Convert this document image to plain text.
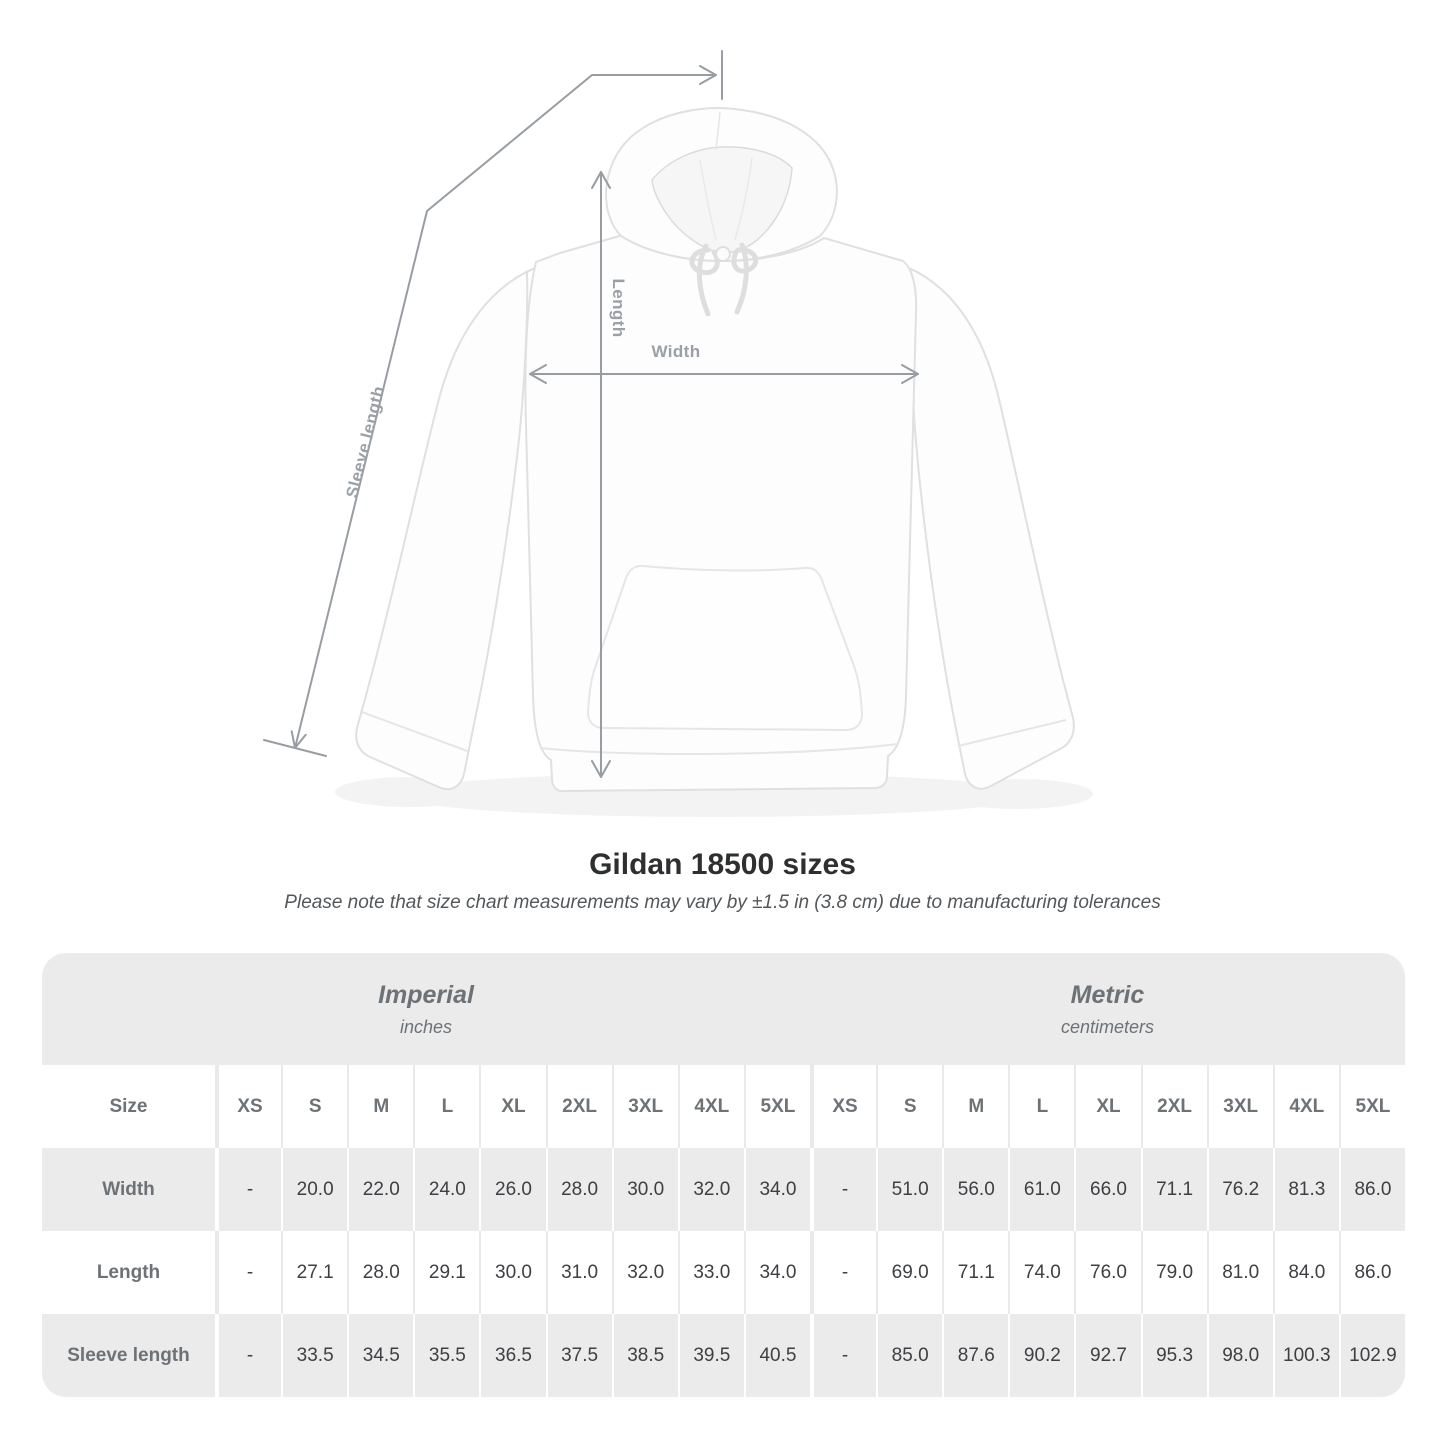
Width
Length
Sleeve length
Gildan 18500 sizes

Please note that size chart measurements may vary by ±1.5 in (3.8 cm) due to manufacturing tolerances

Imperial
inches
Metric
centimeters
Size	XS	S	M	L	XL	2XL	3XL	4XL	5XL	XS	S	M	L	XL	2XL	3XL	4XL	5XL
Width	-	20.0	22.0	24.0	26.0	28.0	30.0	32.0	34.0	-	51.0	56.0	61.0	66.0	71.1	76.2	81.3	86.0
Length	-	27.1	28.0	29.1	30.0	31.0	32.0	33.0	34.0	-	69.0	71.1	74.0	76.0	79.0	81.0	84.0	86.0
Sleeve length	-	33.5	34.5	35.5	36.5	37.5	38.5	39.5	40.5	-	85.0	87.6	90.2	92.7	95.3	98.0	100.3 102.9
